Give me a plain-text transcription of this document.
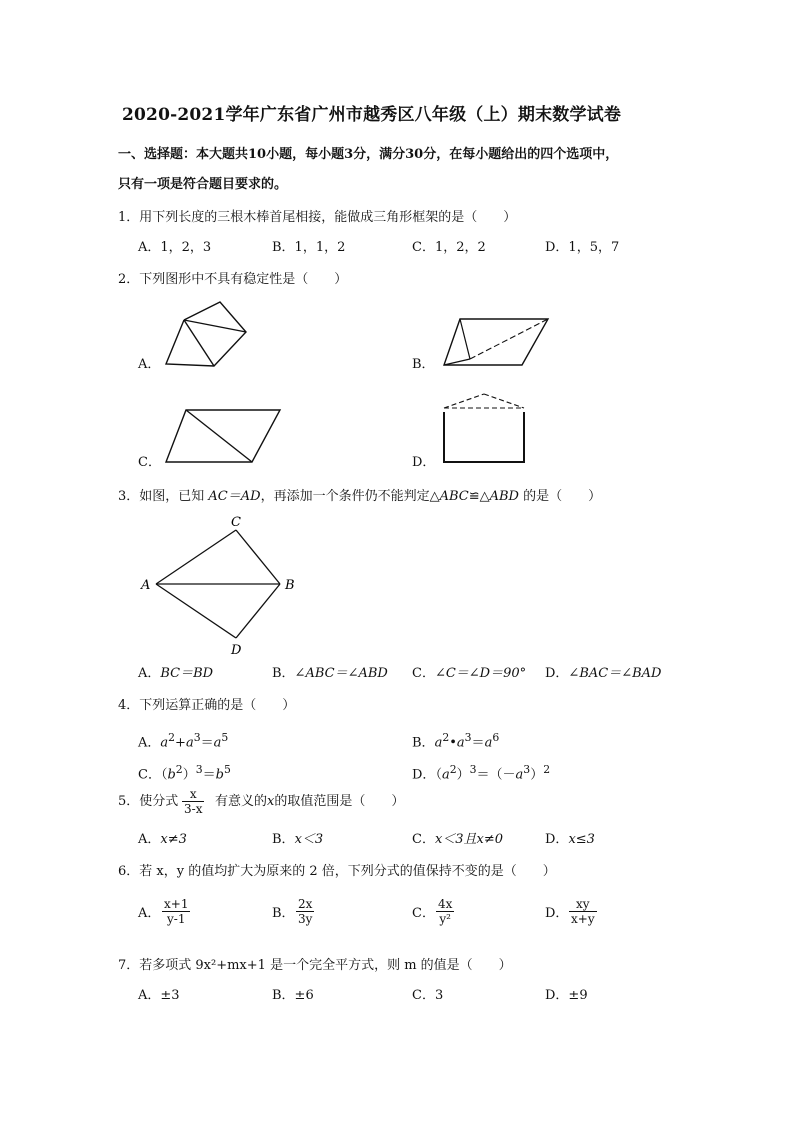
2020-2021学年广东省广州市越秀区八年级（上）期末数学试卷
一、选择题：本大题共10小题，每小题3分，满分30分，在每小题给出的四个选项中，
只有一项是符合题目要求的。
1．用下列长度的三根木棒首尾相接，能做成三角形框架的是（　　）
A．1，2，3	B．1，1，2	C．1，2，2	D．1，5，7
2．下列图形中不具有稳定性是（　　）
A．	B．
C．	D．
3．如图，已知 AC＝AD，再添加一个条件仍不能判定△ABC≌△ABD 的是（　　）
C
A	B
D
A．BC＝BD	B．∠ABC＝∠ABD C．∠C＝∠D＝90° D．∠BAC＝∠BAD
4．下列运算正确的是（　　）
A．$a^2+a^3=a^5$	B．$a^2•a^3=a^6$
C．$(b^2)^3=b^5$	D．$(a^2)^3=(-a^3)^2$
5．使分式 x
3-x 有意义的x的取值范围是（　　）
A．x≠3	B．x＜3	C．x＜3且x≠0	D．x≤3
6．若 x，y 的值均扩大为原来的 2 倍，下列分式的值保持不变的是（　　）
A．
x+1
y-1	B．
2x
3y	C．
4x
y²	D．
xy
x+y
7．若多项式 9x²+mx+1 是一个完全平方式，则 m 的值是（　　）
A．±3	B．±6	C．3	D．±9
